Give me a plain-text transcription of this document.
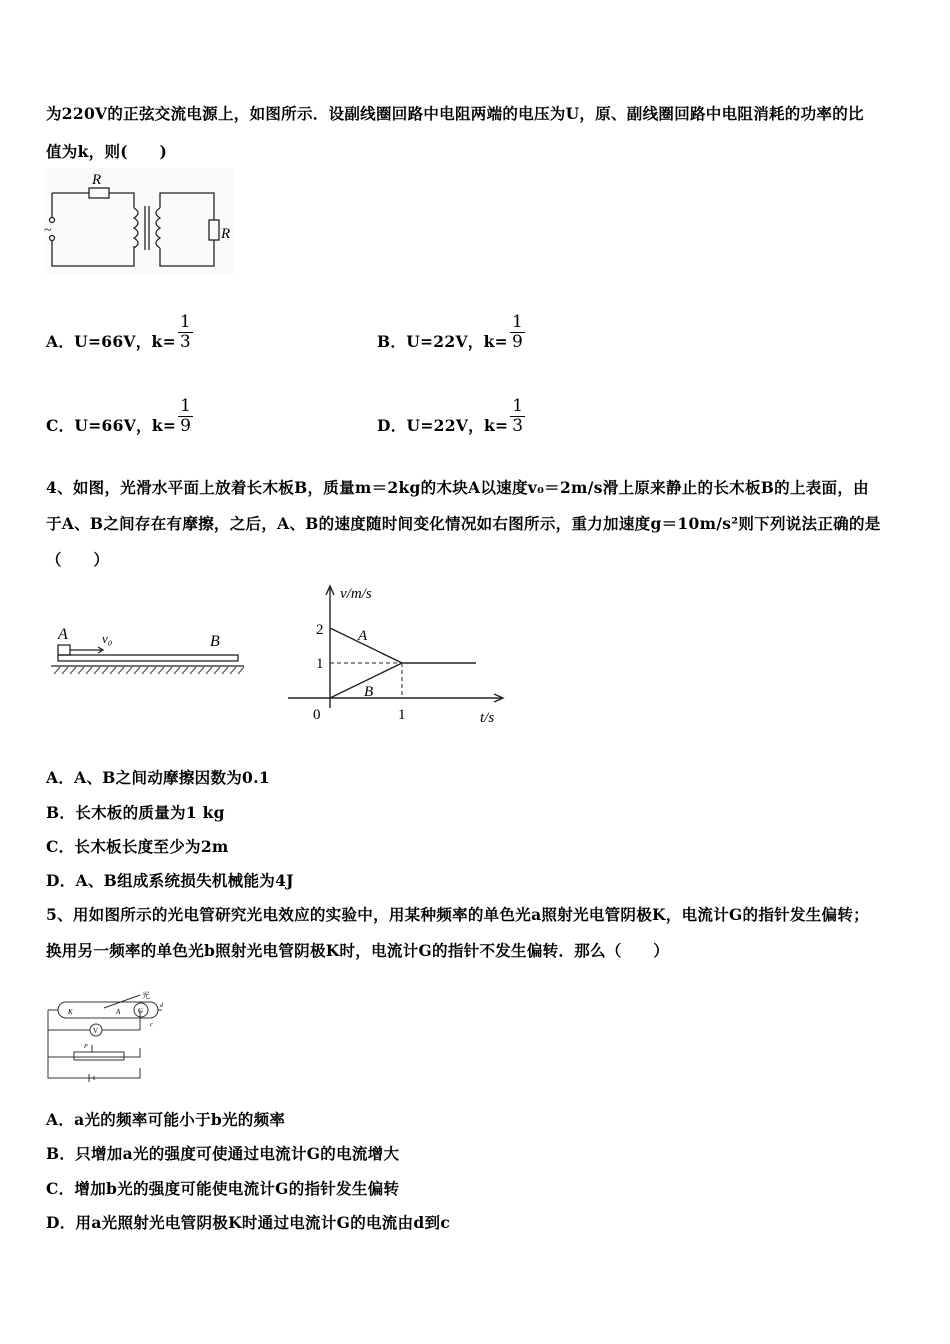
为220V的正弦交流电源上，如图所示．设副线圈回路中电阻两端的电压为U，原、副线圈回路中电阻消耗的功率的比
值为k，则(　　)
R
R
~
A．U=66V，$k= \frac{1}{3}$	B．U=22V，$k= \frac{1}{9}$
C．U=66V，$k= \frac{1}{9}$	D．U=22V，$k= \frac{1}{3}$
4、如图，光滑水平面上放着长木板B，质量m＝2kg的木块A以速度v₀＝2m/s滑上原来静止的长木板B的上表面，由
于A、B之间存在有摩擦，之后，A、B的速度随时间变化情况如右图所示，重力加速度g＝10m/s²则下列说法正确的是
（　　）
A	v₀	B
v/m/s
2
1
0	1	t/s
A
B
A．A、B之间动摩擦因数为0.1
B．长木板的质量为1 kg
C．长木板长度至少为2m
D．A、B组成系统损失机械能为4J
5、用如图所示的光电管研究光电效应的实验中，用某种频率的单色光a照射光电管阴极K，电流计G的指针发生偏转；
换用另一频率的单色光b照射光电管阴极K时，电流计G的指针不发生偏转．那么（　　）
光
K	A	G
V
P
d
c
A．a光的频率可能小于b光的频率
B．只增加a光的强度可使通过电流计G的电流增大
C．增加b光的强度可能使电流计G的指针发生偏转
D．用a光照射光电管阴极K时通过电流计G的电流由d到c
